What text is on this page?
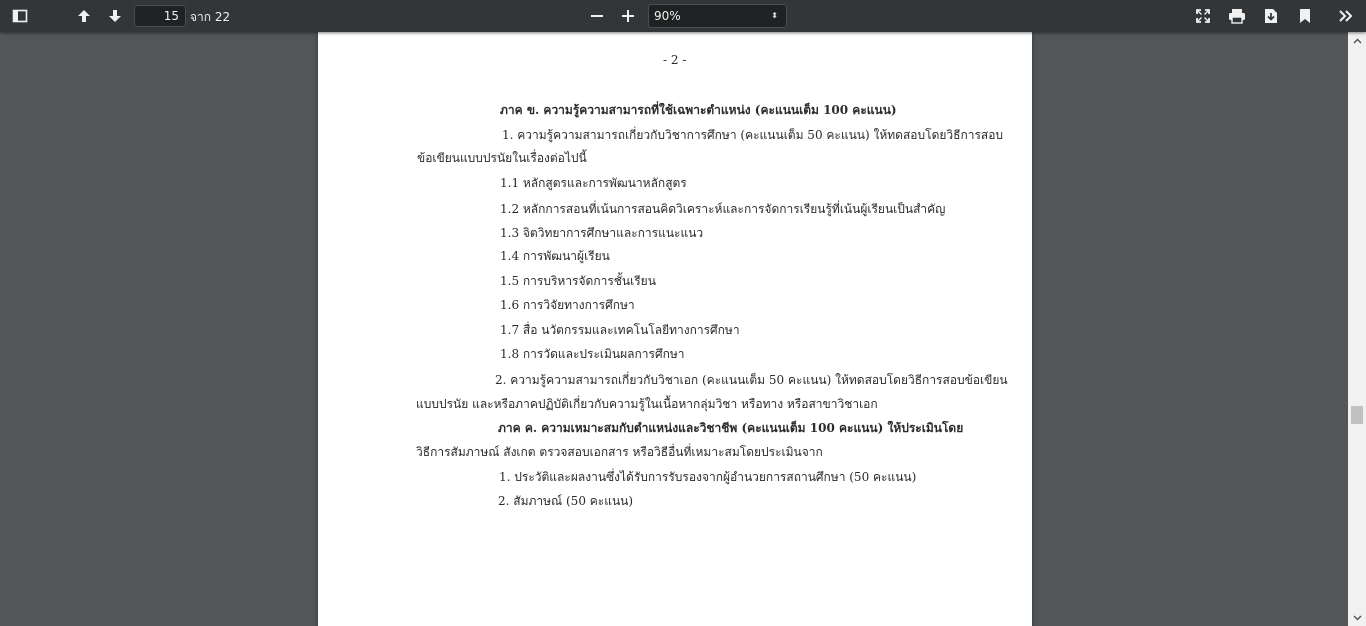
15 จาก 22	90%	⬍
- 2 -
ภาค ข. ความรู้ความสามารถที่ใช้เฉพาะตำแหน่ง (คะแนนเต็ม 100 คะแนน)
1. ความรู้ความสามารถเกี่ยวกับวิชาการศึกษา (คะแนนเต็ม 50 คะแนน) ให้ทดสอบโดยวิธีการสอบ
ข้อเขียนแบบปรนัยในเรื่องต่อไปนี้
1.1 หลักสูตรและการพัฒนาหลักสูตร
1.2 หลักการสอนที่เน้นการสอนคิดวิเคราะห์และการจัดการเรียนรู้ที่เน้นผู้เรียนเป็นสำคัญ
1.3 จิตวิทยาการศึกษาและการแนะแนว
1.4 การพัฒนาผู้เรียน
1.5 การบริหารจัดการชั้นเรียน
1.6 การวิจัยทางการศึกษา
1.7 สื่อ นวัตกรรมและเทคโนโลยีทางการศึกษา
1.8 การวัดและประเมินผลการศึกษา
2. ความรู้ความสามารถเกี่ยวกับวิชาเอก (คะแนนเต็ม 50 คะแนน) ให้ทดสอบโดยวิธีการสอบข้อเขียน
แบบปรนัย และหรือภาคปฏิบัติเกี่ยวกับความรู้ในเนื้อหากลุ่มวิชา หรือทาง หรือสาขาวิชาเอก
ภาค ค. ความเหมาะสมกับตำแหน่งและวิชาชีพ (คะแนนเต็ม 100 คะแนน) ให้ประเมินโดย
วิธีการสัมภาษณ์ สังเกต ตรวจสอบเอกสาร หรือวิธีอื่นที่เหมาะสมโดยประเมินจาก
1. ประวัติและผลงานซึ่งได้รับการรับรองจากผู้อำนวยการสถานศึกษา (50 คะแนน)
2. สัมภาษณ์ (50 คะแนน)
